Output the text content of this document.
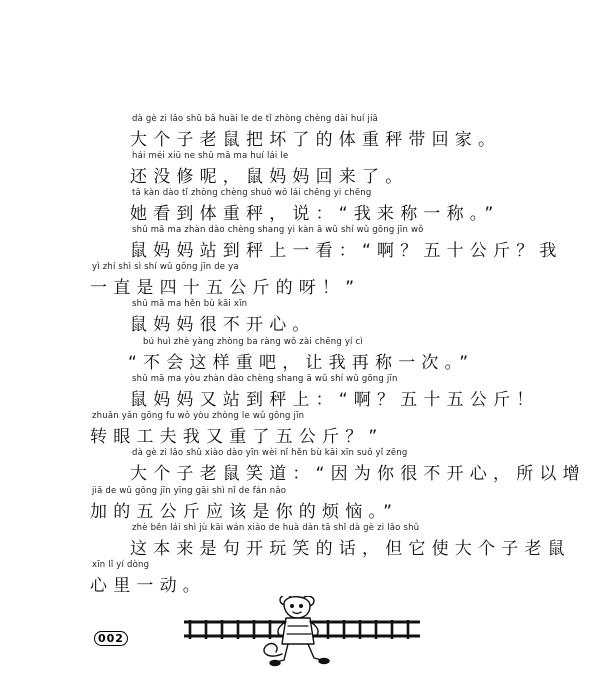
dà gè zi lǎo shǔ bǎ huài le de tǐ zhòng chèng dài huí jiā
大个子老鼠把坏了的体重秤带回家。
hái méi xiū ne shǔ mā ma huí lái le
还没修呢，鼠妈妈回来了。
tā kàn dào tǐ zhòng chèng shuō wǒ lái chēng yi chēng
她看到体重秤，说：“我来称一称。”
shǔ mā ma zhàn dào chèng shang yi kàn ā wǔ shí wǔ gōng jīn wǒ
鼠妈妈站到秤上一看：“啊？五十公斤？我
yì zhí shì sì shí wǔ gōng jīn de ya
一直是四十五公斤的呀！”
shǔ mā ma hěn bù kāi xīn
鼠妈妈很不开心。
bú huì zhè yàng zhòng ba ràng wǒ zài chēng yí cì
“不会这样重吧，让我再称一次。”
shǔ mā ma yòu zhàn dào chèng shang ā wǔ shí wǔ gōng jīn
鼠妈妈又站到秤上：“啊？五十五公斤！
zhuǎn yǎn gōng fu wǒ yòu zhòng le wǔ gōng jīn
转眼工夫我又重了五公斤？”
dà gè zi lǎo shǔ xiào dào yīn wèi nǐ hěn bù kāi xīn suǒ yǐ zēng
大个子老鼠笑道：“因为你很不开心，所以增
jiā de wǔ gōng jīn yīng gāi shì nǐ de fán nǎo
加的五公斤应该是你的烦恼。”
zhè běn lái shì jù kāi wán xiào de huà dàn tā shǐ dà gè zi lǎo shǔ
这本来是句开玩笑的话，但它使大个子老鼠
xīn lǐ yí dòng
心里一动。
002
